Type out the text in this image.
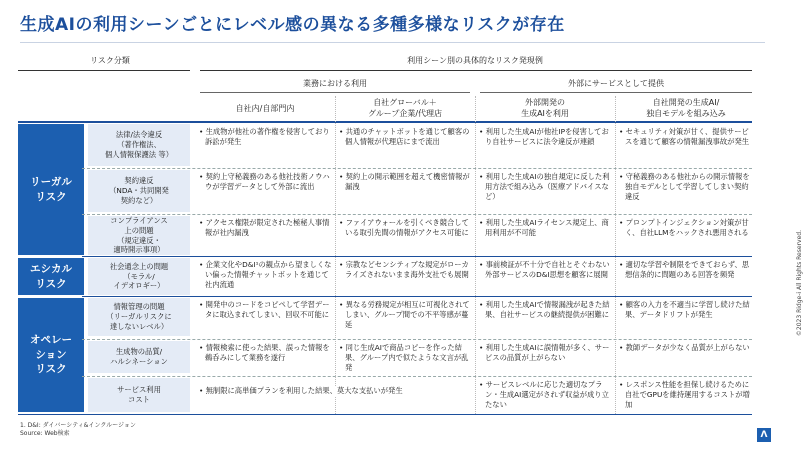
生成AIの利用シーンごとにレベル感の異なる多種多様なリスクが存在
リスク分類	利用シーン別の具体的なリスク発現例
業務における利用	外部にサービスとして提供
自社内/自部門内
自社グローバル＋
グループ企業/代理店
外部開発の
生成AIを利用
自社開発の生成AI/
独自モデルを組み込み
リーガル
リスク
エシカル
リスク
オペレー
ション
リスク
法律/法令違反
（著作権法、
個人情報保護法 等）
• 生成物が他社の著作権を侵害しており訴訟が発生
• 共通のチャットボットを通じて顧客の個人情報が代理店にまで流出
• 利用した生成AIが他社IPを侵害しており自社サービスに法令違反が連鎖
• セキュリティ対策が甘く、提供サービスを通じて顧客の情報漏洩事故が発生
契約違反
（NDA・共同開発
契約など）
• 契約上守秘義務のある他社技術ノウハウが学習データとして外部に流出
• 契約上の開示範囲を超えて機密情報が漏洩
• 利用した生成AIの独自規定に反した利用方法で組み込み（医療アドバイスなど）
• 守秘義務のある他社からの開示情報を独自モデルとして学習してしまい契約違反
コンプライアンス
上の問題
（規定違反・
適時開示事項）
• アクセス権限が限定された極秘人事情報が社内漏洩
• ファイアウォールを引くべき競合している取引先間の情報がアクセス可能に
• 利用した生成AIライセンス規定上、商用利用が不可能
• プロンプトインジェクション対策が甘く、自社LLMをハックされ悪用される
社会通念上の問題
（モラル/
イデオロギー）
• 企業文化やD&I¹の観点から望ましくない偏った情報チャットボットを通じて社内流通
• 宗教などセンシティブな規定がローカライズされないまま海外支社でも展開
• 事前検証が不十分で自社とそぐわない外部サービスのD&I思想を顧客に展開
• 適切な学習や制限をできておらず、思想信条的に問題のある回答を频発
情報管理の問題
（リーガルリスクに
達しないレベル）
• 開発中のコードをコピペして学習データに取込まれてしまい、回収不可能に
• 異なる労務規定が相互に可視化されてしまい、グループ間での不平等感が蔓延
• 利用した生成AIで情報漏洩が起きた結果、自社サービスの継続提供が困難に
• 顧客の入力を不適当に学習し続けた結果、データドリフトが発生
生成物の品質/
ハルシネーション
• 情報検索に使った結果、誤った情報を鵜呑みにして業務を遂行
• 同じ生成AIで商品コピーを作った結果、グループ内で似たような文言が乱発
• 利用した生成AIに誤情報が多く、サービスの品質が上がらない
• 教師データが少なく品質が上がらない
サービス利用
コスト
• 無制限に高単価プランを利用した結果、莫大な支払いが発生
• サービスレベルに応じた適切なプラン・生成AI選定がされず収益が成り立たない
• レスポンス性能を担保し続けるために自社でGPUを維持運用するコストが増加
1. D&I: ダイバーシティ&インクルージョン
Source: Web検索
©2023 Ridge-i All Rights Reserved.
Λ
